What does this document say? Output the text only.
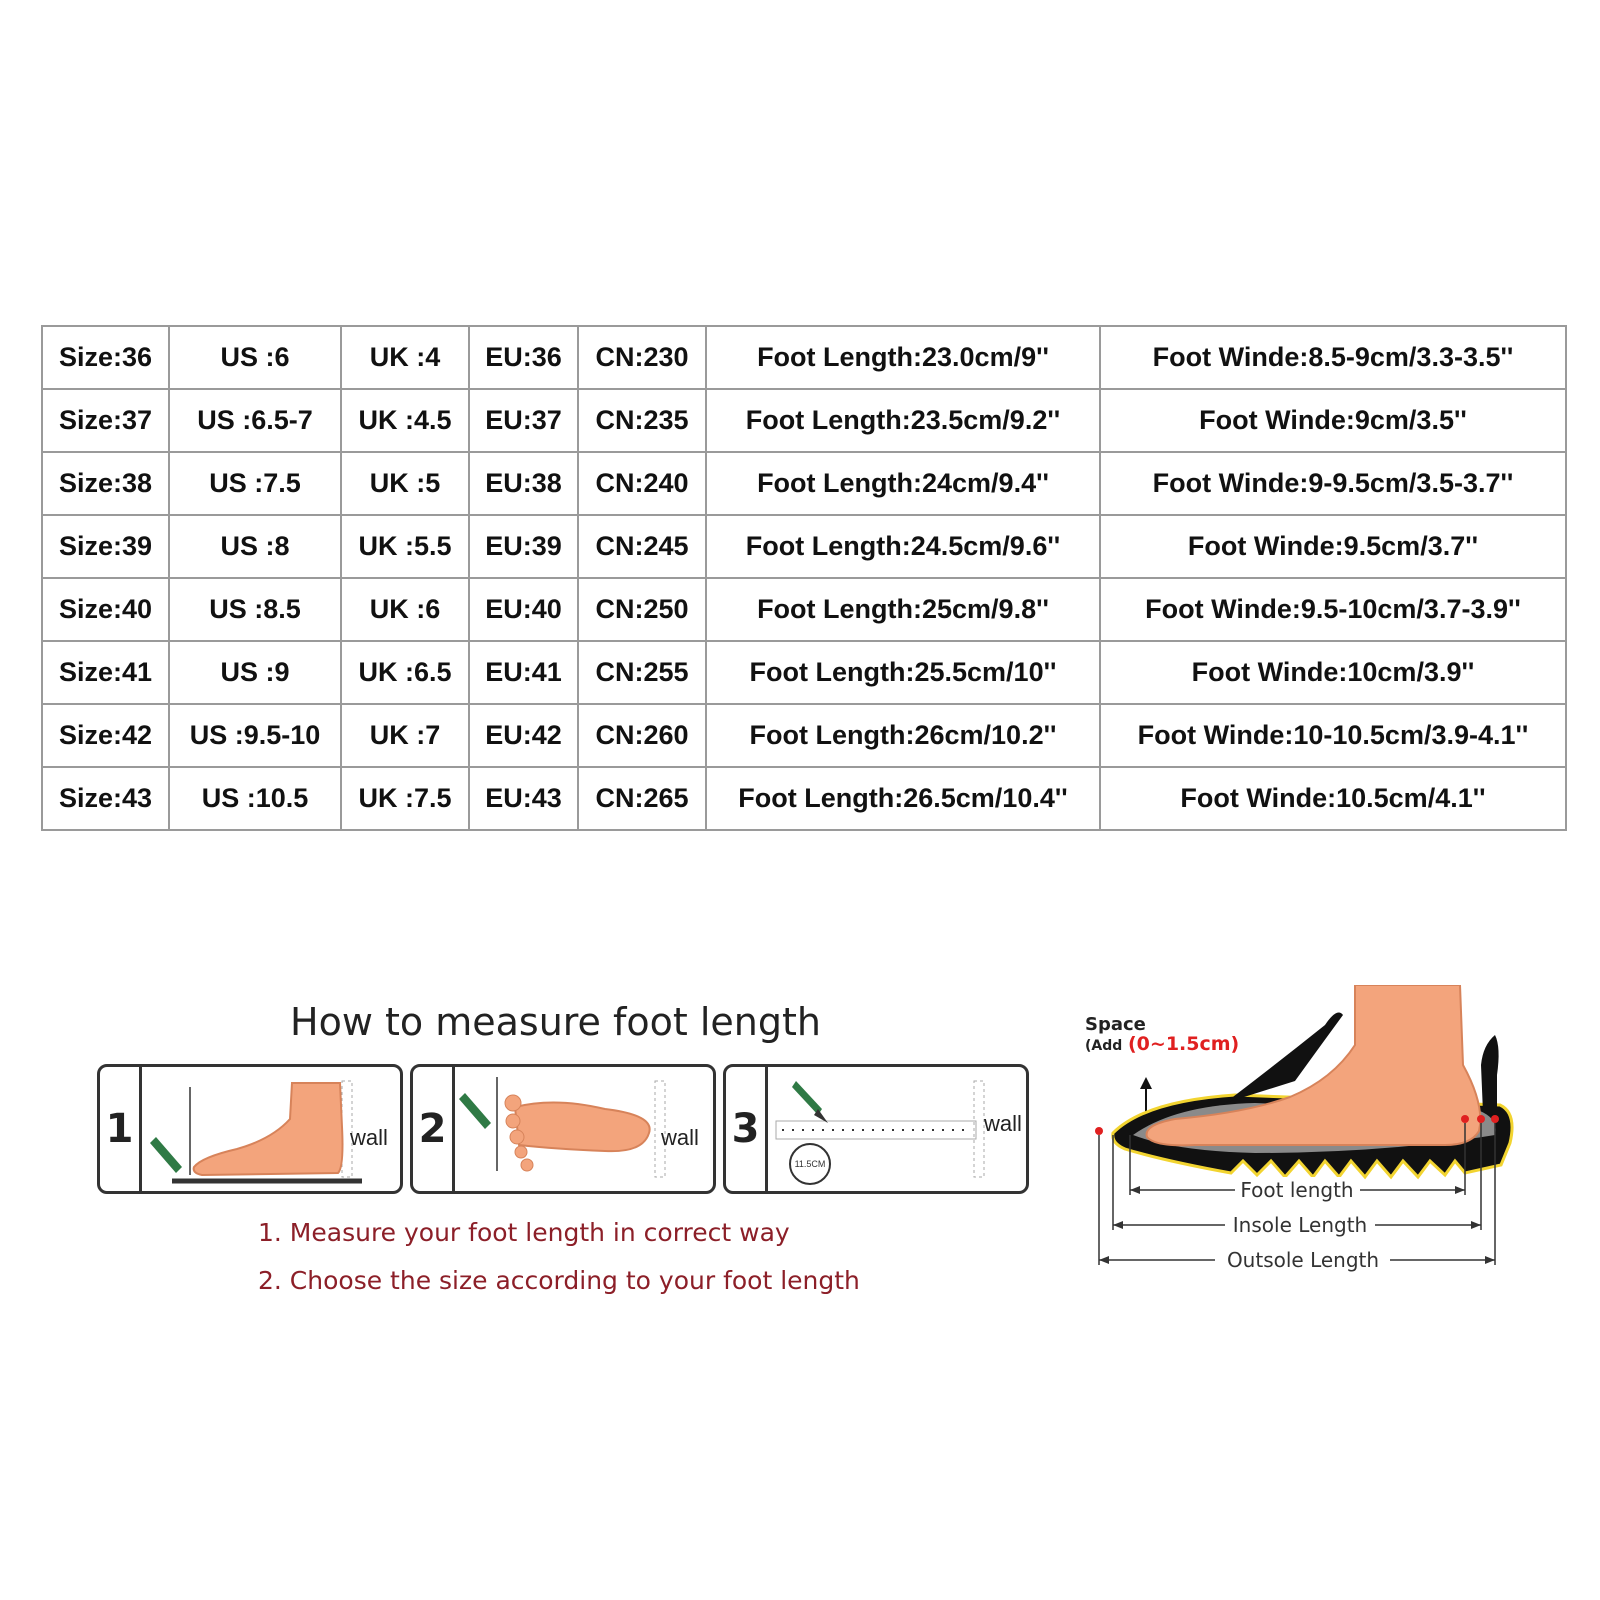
Size:36	US :6	UK :4	EU:36	CN:230	Foot Length:23.0cm/9''	Foot Winde:8.5-9cm/3.3-3.5''
Size:37	US :6.5-7	UK :4.5	EU:37	CN:235	Foot Length:23.5cm/9.2''	Foot Winde:9cm/3.5''
Size:38	US :7.5	UK :5	EU:38	CN:240	Foot Length:24cm/9.4''	Foot Winde:9-9.5cm/3.5-3.7''
Size:39	US :8	UK :5.5	EU:39	CN:245	Foot Length:24.5cm/9.6''	Foot Winde:9.5cm/3.7''
Size:40	US :8.5	UK :6	EU:40	CN:250	Foot Length:25cm/9.8''	Foot Winde:9.5-10cm/3.7-3.9''
Size:41	US :9	UK :6.5	EU:41	CN:255	Foot Length:25.5cm/10''	Foot Winde:10cm/3.9''
Size:42	US :9.5-10	UK :7	EU:42	CN:260	Foot Length:26cm/10.2''	Foot Winde:10-10.5cm/3.9-4.1''
Size:43	US :10.5	UK :7.5	EU:43	CN:265	Foot Length:26.5cm/10.4''	Foot Winde:10.5cm/4.1''
How to measure foot length
1	wall 2	wall 3
11.5CM
wall
1. Measure your foot length in correct way
2. Choose the size according to your foot length
Space
(Add (0~1.5cm)
Foot length
Insole Length
Outsole Length
